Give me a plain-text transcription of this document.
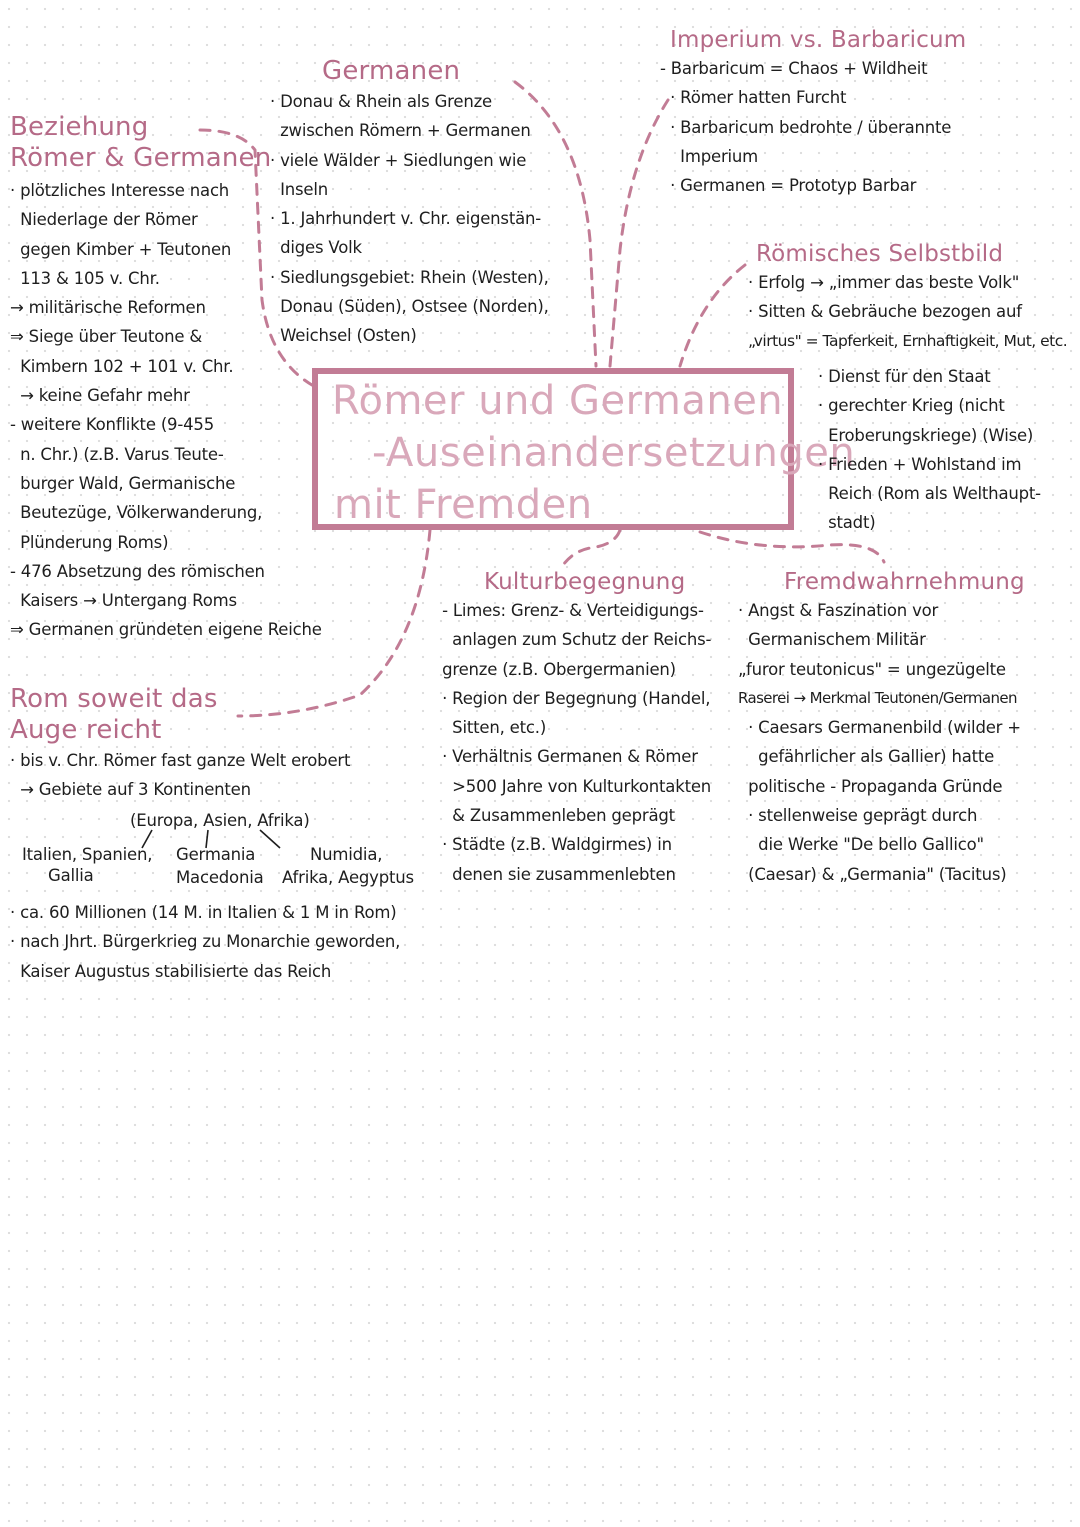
Römer und Germanen
-Auseinandersetzungen
mit Fremden
Beziehung
Römer & Germanen
· plötzliches Interesse nach
Niederlage der Römer
gegen Kimber + Teutonen
113 & 105 v. Chr.
→ militärische Reformen
⇒ Siege über Teutone &
Kimbern 102 + 101 v. Chr.
→ keine Gefahr mehr
- weitere Konflikte (9-455
n. Chr.) (z.B. Varus Teute-
burger Wald, Germanische
Beutezüge, Völkerwanderung,
Plünderung Roms)
- 476 Absetzung des römischen
Kaisers → Untergang Roms
⇒ Germanen gründeten eigene Reiche
Germanen
· Donau & Rhein als Grenze
zwischen Römern + Germanen
· viele Wälder + Siedlungen wie
Inseln
· 1. Jahrhundert v. Chr. eigenstän-
diges Volk
· Siedlungsgebiet: Rhein (Westen),
Donau (Süden), Ostsee (Norden),
Weichsel (Osten)
Imperium vs. Barbaricum
- Barbaricum = Chaos + Wildheit
· Römer hatten Furcht
· Barbaricum bedrohte / überannte
Imperium
· Germanen = Prototyp Barbar
Römisches Selbstbild
· Erfolg → „immer das beste Volk"
· Sitten & Gebräuche bezogen auf
„virtus" = Tapferkeit, Ernhaftigkeit, Mut, etc.
· Dienst für den Staat
· gerechter Krieg (nicht
Eroberungskriege) (Wise)
· Frieden + Wohlstand im
Reich (Rom als Welthaupt-
stadt)
Rom soweit das
Auge reicht
· bis v. Chr. Römer fast ganze Welt erobert
→ Gebiete auf 3 Kontinenten
(Europa, Asien, Afrika)
Italien, Spanien,
Gallia
Germania
Macedonia
Numidia,
Afrika, Aegyptus
· ca. 60 Millionen (14 M. in Italien & 1 M in Rom)
· nach Jhrt. Bürgerkrieg zu Monarchie geworden,
Kaiser Augustus stabilisierte das Reich
Kulturbegegnung
- Limes: Grenz- & Verteidigungs-
anlagen zum Schutz der Reichs-
grenze (z.B. Obergermanien)
· Region der Begegnung (Handel,
Sitten, etc.)
· Verhältnis Germanen & Römer
>500 Jahre von Kulturkontakten
& Zusammenleben geprägt
· Städte (z.B. Waldgirmes) in
denen sie zusammenlebten
Fremdwahrnehmung
· Angst & Faszination vor
Germanischem Militär
„furor teutonicus" = ungezügelte
Raserei → Merkmal Teutonen/Germanen
· Caesars Germanenbild (wilder +
gefährlicher als Gallier) hatte
politische - Propaganda Gründe
· stellenweise geprägt durch
die Werke "De bello Gallico"
(Caesar) & „Germania" (Tacitus)
